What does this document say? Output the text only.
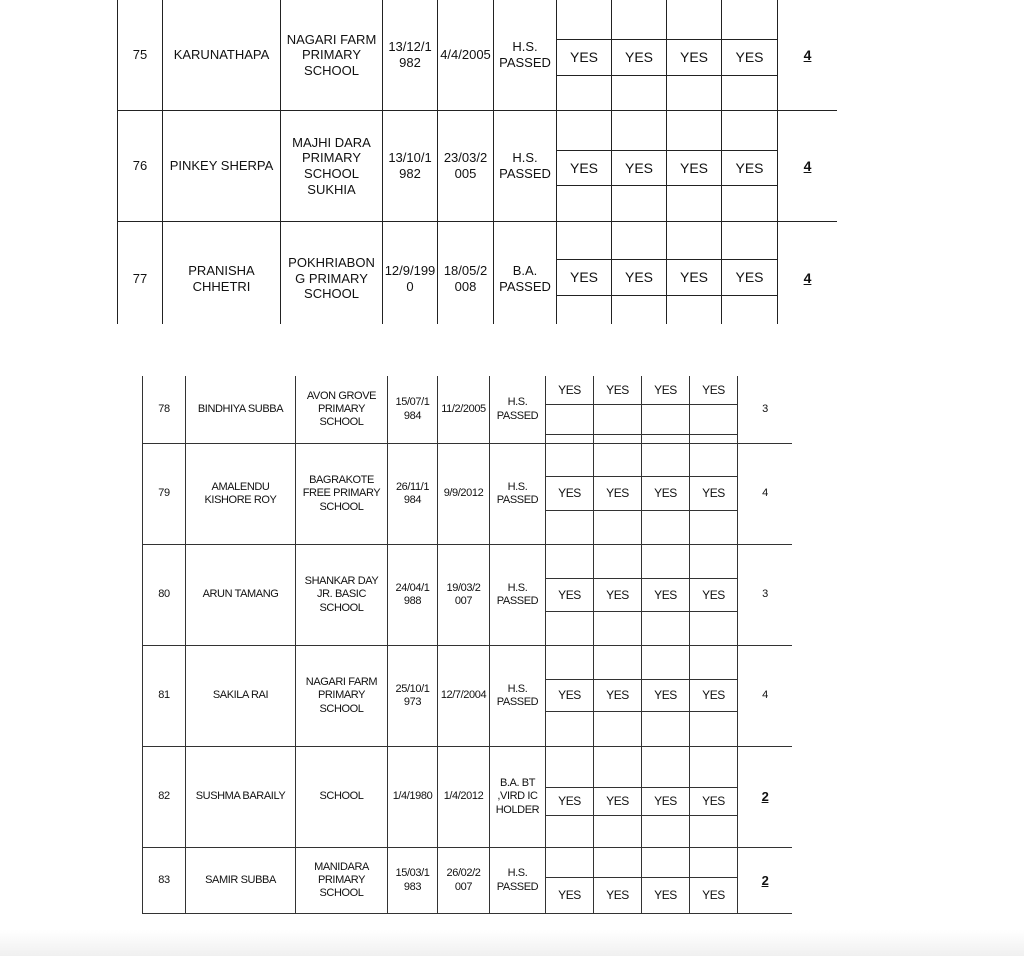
75	KARUNATHAPA	NAGARI FARM PRIMARY SCHOOL	13/12/1 982	4/4/2005	H.S. PASSED					4
						YES	YES	YES	YES	

76	PINKEY SHERPA	MAJHI DARA PRIMARY SCHOOL SUKHIA	13/10/1 982	23/03/2 005	H.S. PASSED					4
						YES	YES	YES	YES	

77	PRANISHA CHHETRI	POKHRIABON G PRIMARY SCHOOL	12/9/1990	18/05/2 008	B.A. PASSED					4
						YES	YES	YES	YES	

78	BINDHIYA SUBBA	AVON GROVE PRIMARY SCHOOL	15/07/1 984	11/2/2005	H.S. PASSED	YES	YES	YES	YES	3

79	AMALENDU KISHORE ROY	BAGRAKOTE FREE PRIMARY SCHOOL	26/11/1 984	9/9/2012	H.S. PASSED					4
						YES	YES	YES	YES	

80	ARUN TAMANG	SHANKAR DAY JR. BASIC SCHOOL	24/04/1 988	19/03/2 007	H.S. PASSED					3
						YES	YES	YES	YES	

81	SAKILA RAI	NAGARI FARM PRIMARY SCHOOL	25/10/1 973	12/7/2004	H.S. PASSED					4
						YES	YES	YES	YES	

82	SUSHMA BARAILY	SCHOOL	1/4/1980	1/4/2012	B.A. BT ,VIRD IC HOLDER					2
						YES	YES	YES	YES	

83	SAMIR SUBBA	MANIDARA PRIMARY SCHOOL	15/03/1 983	26/02/2 007	H.S. PASSED					2
						YES	YES	YES	YES	
